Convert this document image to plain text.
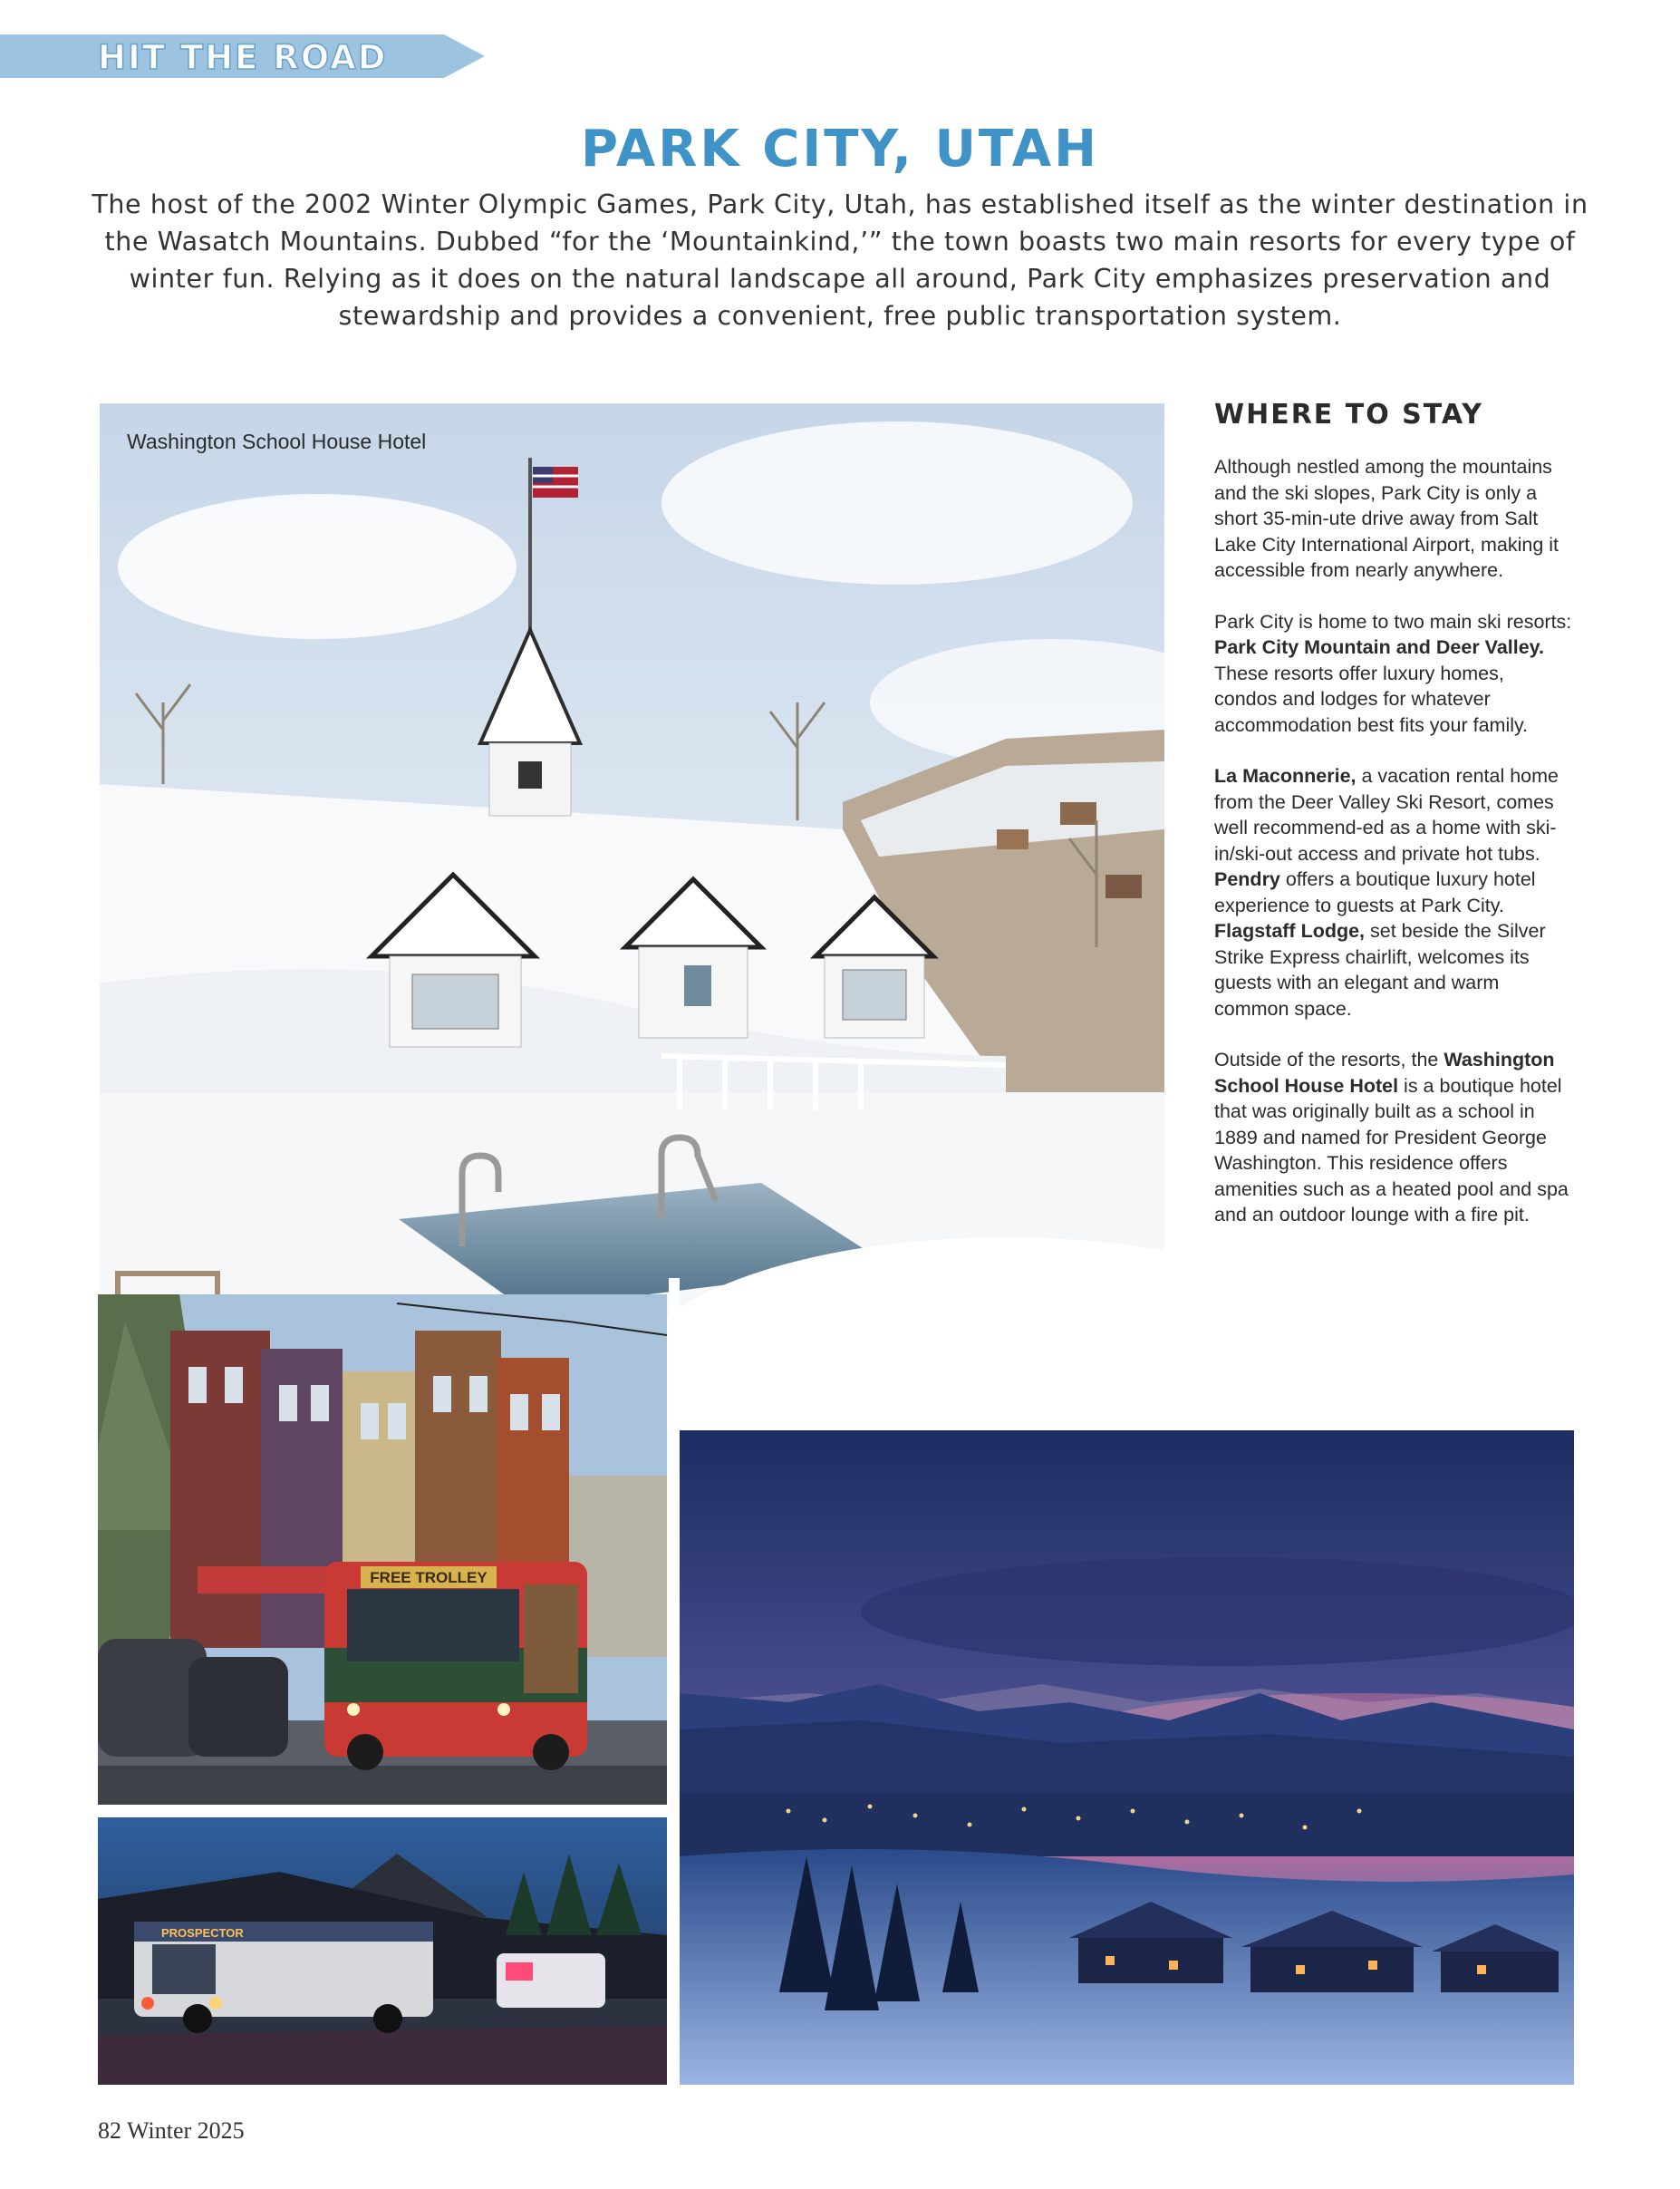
HIT THE ROAD
PARK CITY, UTAH
The host of the 2002 Winter Olympic Games, Park City, Utah, has established itself as the winter destination in the Wasatch Mountains. Dubbed “for the ‘Mountainkind,’” the town boasts two main resorts for every type of winter fun. Relying as it does on the natural landscape all around, Park City emphasizes preservation and stewardship and provides a convenient, free public transportation system.
Washington School House Hotel
FREE TROLLEY
PROSPECTOR
WHERE TO STAY

Although nestled among the mountains and the ski slopes, Park City is only a short 35-min-ute drive away from Salt Lake City International Airport, making it accessible from nearly anywhere.

Park City is home to two main ski resorts: Park City Mountain and Deer Valley. These resorts offer luxury homes, condos and lodges for whatever accommodation best fits your family.

La Maconnerie, a vacation rental home from the Deer Valley Ski Resort, comes well recommend-ed as a home with ski-in/ski-out access and private hot tubs. Pendry offers a boutique luxury hotel experience to guests at Park City. Flagstaff Lodge, set beside the Silver Strike Express chairlift, welcomes its guests with an elegant and warm common space.

Outside of the resorts, the Washington School House Hotel is a boutique hotel that was originally built as a school in 1889 and named for President George Washington. This residence offers amenities such as a heated pool and spa and an outdoor lounge with a fire pit.

82 Winter 2025
